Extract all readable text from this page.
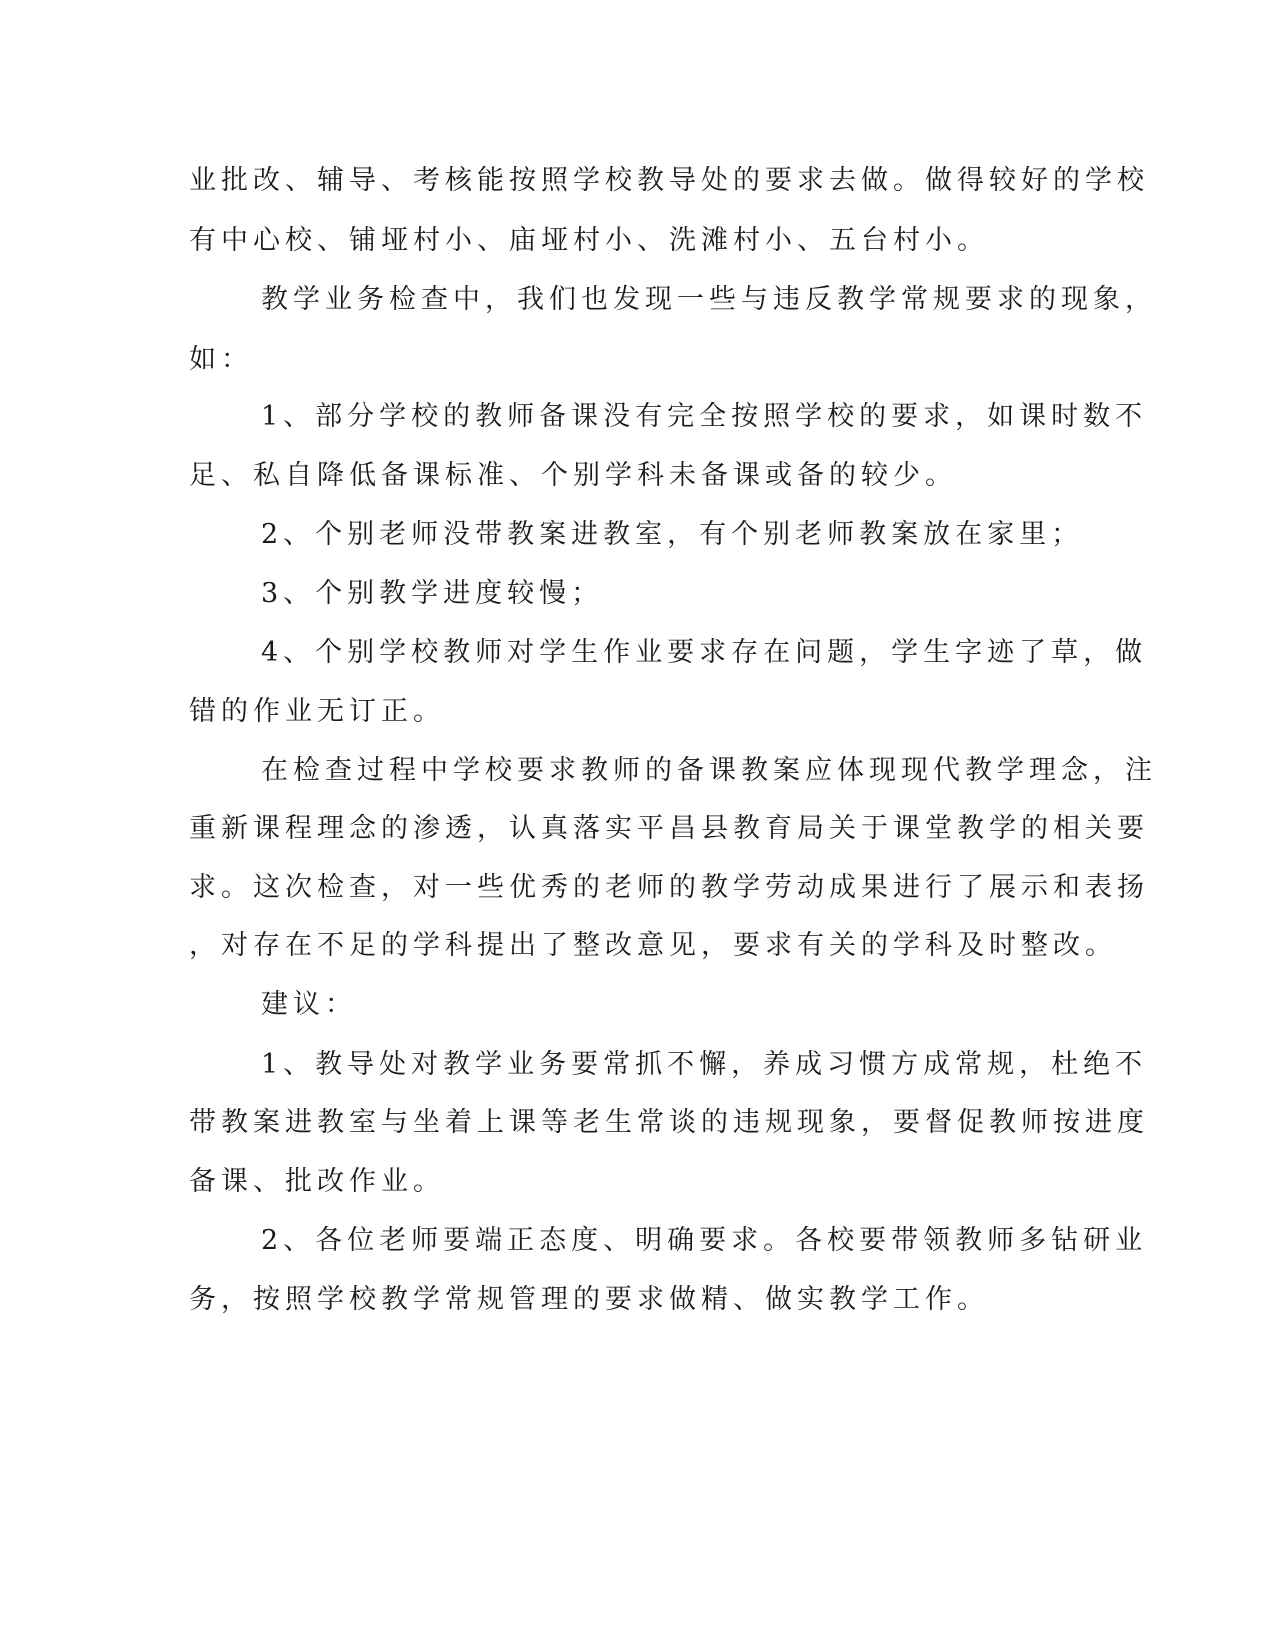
业批改、辅导、考核能按照学校教导处的要求去做。做得较好的学校
有中心校、铺垭村小、庙垭村小、洗滩村小、五台村小。
教学业务检查中，我们也发现一些与违反教学常规要求的现象，
如：
1、部分学校的教师备课没有完全按照学校的要求，如课时数不
足、私自降低备课标准、个别学科未备课或备的较少。
2、个别老师没带教案进教室，有个别老师教案放在家里；
3、个别教学进度较慢；
4、个别学校教师对学生作业要求存在问题，学生字迹了草，做
错的作业无订正。
在检查过程中学校要求教师的备课教案应体现现代教学理念，注
重新课程理念的渗透，认真落实平昌县教育局关于课堂教学的相关要
求。这次检查，对一些优秀的老师的教学劳动成果进行了展示和表扬
，对存在不足的学科提出了整改意见，要求有关的学科及时整改。
建议：
1、教导处对教学业务要常抓不懈，养成习惯方成常规，杜绝不
带教案进教室与坐着上课等老生常谈的违规现象，要督促教师按进度
备课、批改作业。
2、各位老师要端正态度、明确要求。各校要带领教师多钻研业
务，按照学校教学常规管理的要求做精、做实教学工作。
